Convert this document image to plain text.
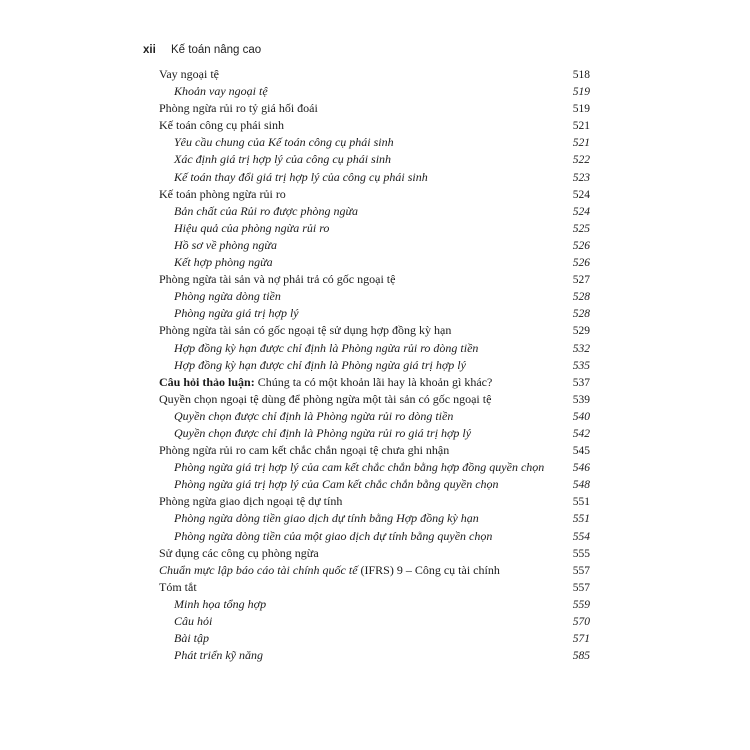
xii Kế toán nâng cao
Vay ngoại tệ	518
Khoản vay ngoại tệ	519
Phòng ngừa rủi ro tỷ giá hối đoái	519
Kế toán công cụ phái sinh	521
Yêu cầu chung của Kế toán công cụ phái sinh	521
Xác định giá trị hợp lý của công cụ phái sinh	522
Kế toán thay đổi giá trị hợp lý của công cụ phái sinh	523
Kế toán phòng ngừa rủi ro	524
Bản chất của Rủi ro được phòng ngừa	524
Hiệu quả của phòng ngừa rủi ro	525
Hồ sơ về phòng ngừa	526
Kết hợp phòng ngừa	526
Phòng ngừa tài sản và nợ phải trả có gốc ngoại tệ	527
Phòng ngừa dòng tiền	528
Phòng ngừa giá trị hợp lý	528
Phòng ngừa tài sản có gốc ngoại tệ sử dụng hợp đồng kỳ hạn	529
Hợp đồng kỳ hạn được chỉ định là Phòng ngừa rủi ro dòng tiền	532
Hợp đồng kỳ hạn được chỉ định là Phòng ngừa giá trị hợp lý	535
Câu hỏi thảo luận: Chúng ta có một khoản lãi hay là khoản gì khác?	537
Quyền chọn ngoại tệ dùng để phòng ngừa một tài sản có gốc ngoại tệ	539
Quyền chọn được chỉ định là Phòng ngừa rủi ro dòng tiền	540
Quyền chọn được chỉ định là Phòng ngừa rủi ro giá trị hợp lý	542
Phòng ngừa rủi ro cam kết chắc chắn ngoại tệ chưa ghi nhận	545
Phòng ngừa giá trị hợp lý của cam kết chắc chắn bằng hợp đồng quyền chọn 546
Phòng ngừa giá trị hợp lý của Cam kết chắc chắn bằng quyền chọn	548
Phòng ngừa giao dịch ngoại tệ dự tính	551
Phòng ngừa dòng tiền giao dịch dự tính bằng Hợp đồng kỳ hạn	551
Phòng ngừa dòng tiền của một giao dịch dự tính bằng quyền chọn	554
Sử dụng các công cụ phòng ngừa	555
Chuẩn mực lập báo cáo tài chính quốc tế (IFRS) 9 – Công cụ tài chính	557
Tóm tắt	557
Minh họa tổng hợp	559
Câu hỏi	570
Bài tập	571
Phát triển kỹ năng	585
